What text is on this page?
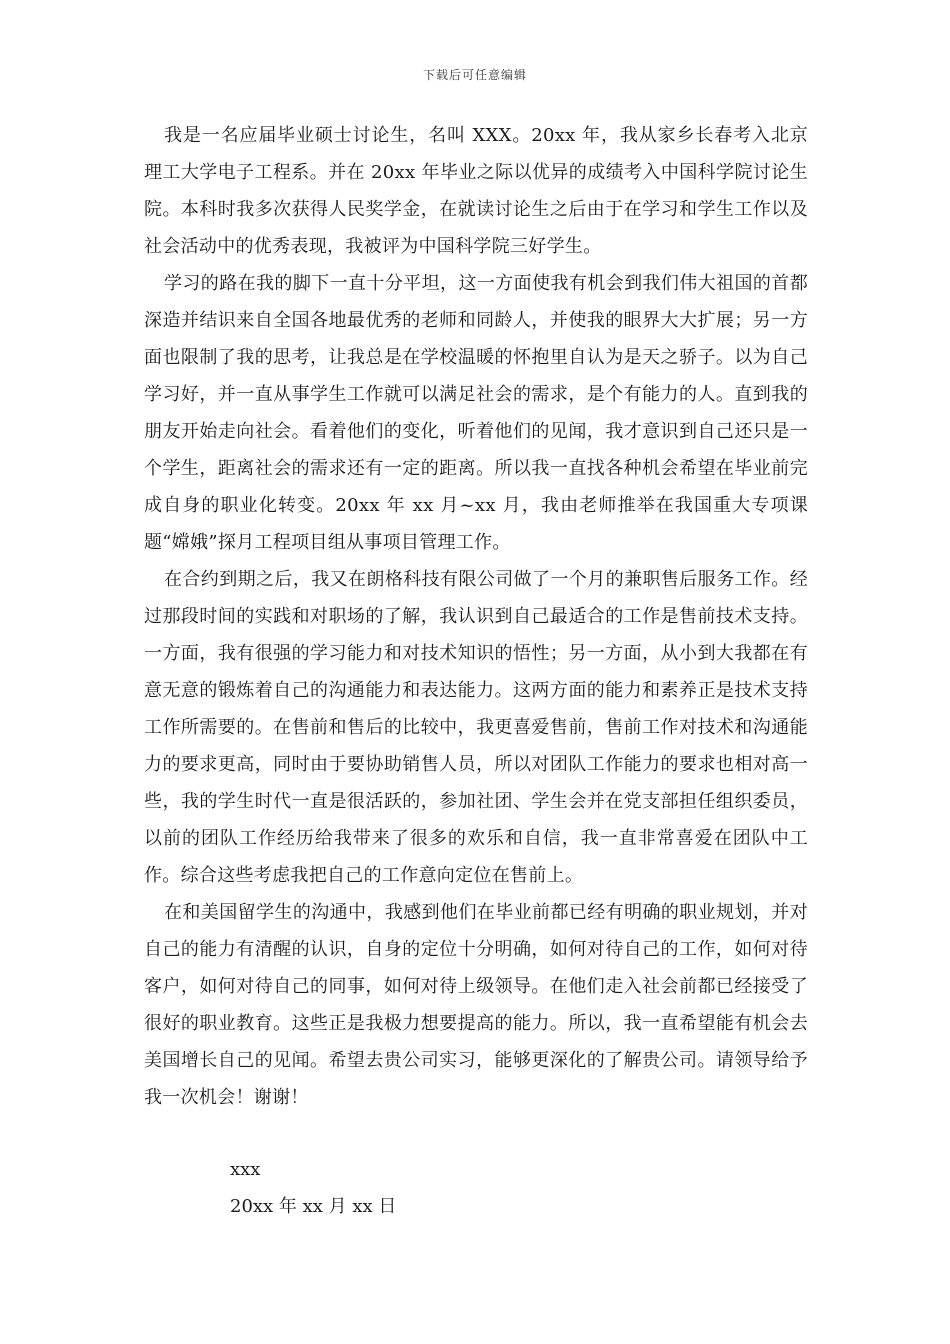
下载后可任意编辑

我是一名应届毕业硕士讨论生，名叫 XXX。20xx 年，我从家乡长春考入北京理工大学电子工程系。并在 20xx 年毕业之际以优异的成绩考入中国科学院讨论生院。本科时我多次获得人民奖学金，在就读讨论生之后由于在学习和学生工作以及社会活动中的优秀表现，我被评为中国科学院三好学生。

学习的路在我的脚下一直十分平坦，这一方面使我有机会到我们伟大祖国的首都深造并结识来自全国各地最优秀的老师和同龄人，并使我的眼界大大扩展；另一方面也限制了我的思考，让我总是在学校温暖的怀抱里自认为是天之骄子。以为自己学习好，并一直从事学生工作就可以满足社会的需求，是个有能力的人。直到我的朋友开始走向社会。看着他们的变化，听着他们的见闻，我才意识到自己还只是一个学生，距离社会的需求还有一定的距离。所以我一直找各种机会希望在毕业前完成自身的职业化转变。20xx 年 xx 月~xx 月，我由老师推举在我国重大专项课题“嫦娥”探月工程项目组从事项目管理工作。

在合约到期之后，我又在朗格科技有限公司做了一个月的兼职售后服务工作。经过那段时间的实践和对职场的了解，我认识到自己最适合的工作是售前技术支持。一方面，我有很强的学习能力和对技术知识的悟性；另一方面，从小到大我都在有意无意的锻炼着自己的沟通能力和表达能力。这两方面的能力和素养正是技术支持工作所需要的。在售前和售后的比较中，我更喜爱售前，售前工作对技术和沟通能力的要求更高，同时由于要协助销售人员，所以对团队工作能力的要求也相对高一些，我的学生时代一直是很活跃的，参加社团、学生会并在党支部担任组织委员，以前的团队工作经历给我带来了很多的欢乐和自信，我一直非常喜爱在团队中工作。综合这些考虑我把自己的工作意向定位在售前上。

在和美国留学生的沟通中，我感到他们在毕业前都已经有明确的职业规划，并对自己的能力有清醒的认识，自身的定位十分明确，如何对待自己的工作，如何对待客户，如何对待自己的同事，如何对待上级领导。在他们走入社会前都已经接受了很好的职业教育。这些正是我极力想要提高的能力。所以，我一直希望能有机会去美国增长自己的见闻。希望去贵公司实习，能够更深化的了解贵公司。请领导给予我一次机会！谢谢！

xxx
20xx 年 xx 月 xx 日
